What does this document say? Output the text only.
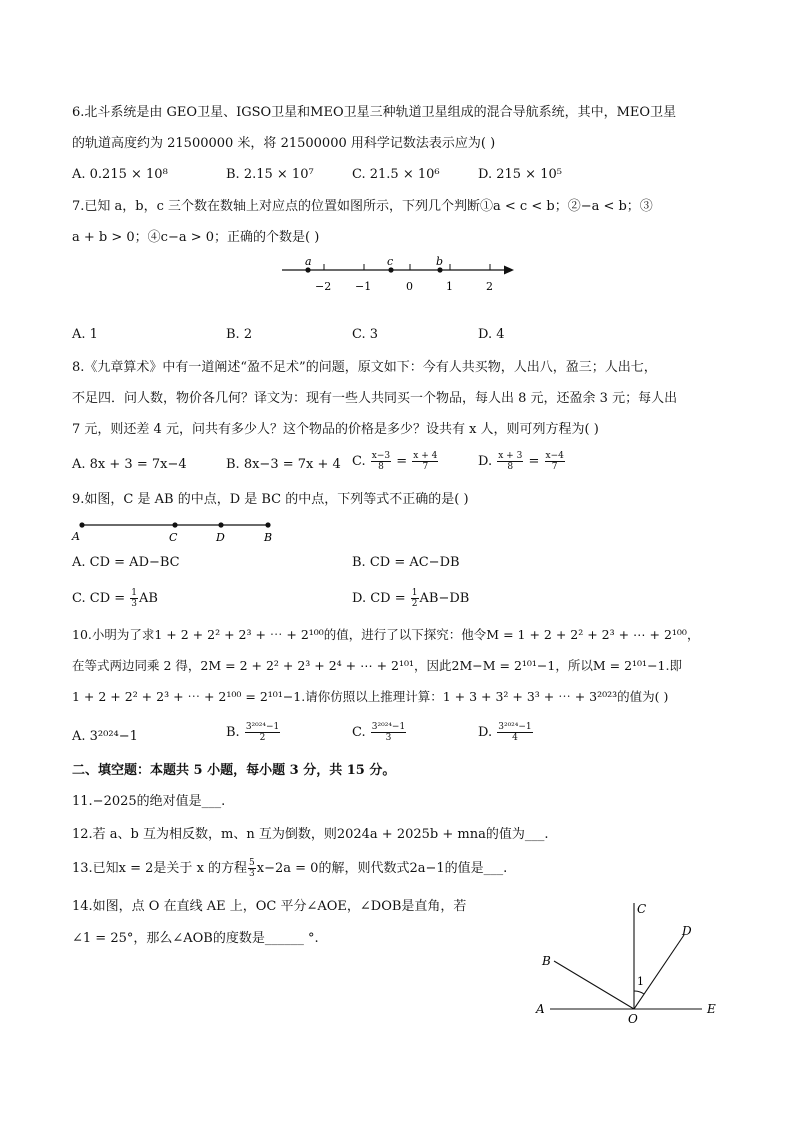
6.北斗系统是由 GEO卫星、IGSO卫星和MEO卫星三种轨道卫星组成的混合导航系统，其中，MEO卫星
的轨道高度约为 21500000 米，将 21500000 用科学记数法表示应为( )
A. 0.215 × 10⁸	B. 2.15 × 10⁷	C. 21.5 × 10⁶	D. 215 × 10⁵
7.已知 a，b，c 三个数在数轴上对应点的位置如图所示，下列几个判断①a < c < b；②−a < b；③
a + b > 0；④c−a > 0；正确的个数是( )
a	c	b
−2 −1	0	1	2
A. 1	B. 2	C. 3	D. 4
8.《九章算术》中有一道阐述“盈不足术”的问题，原文如下：今有人共买物，人出八，盈三；人出七，
不足四．问人数，物价各几何？译文为：现有一些人共同买一个物品，每人出 8 元，还盈余 3 元；每人出
7 元，则还差 4 元，问共有多少人？这个物品的价格是多少？设共有 x 人，则可列方程为( )
A. 8x + 3 = 7x−4	B. 8x−3 = 7x + 4 C. $\frac{x-3}{8} = \frac{x + 4}{7}$	D. $\frac{x + 3}{8} = \frac{x-4}{7}$
9.如图，C 是 AB 的中点，D 是 BC 的中点，下列等式不正确的是( )
A	C	D	B
A. CD = AD−BC	B. CD = AC−DB
C. CD = $\frac{1}{3}$ AB	D. CD = $\frac{1}{2} AB-DB$
10.小明为了求1 + 2 + 2² + 2³ + ⋯ + 2¹⁰⁰的值，进行了以下探究：他令M = 1 + 2 + 2² + 2³ + ⋯ + 2¹⁰⁰，
在等式两边同乘 2 得，2M = 2 + 2² + 2³ + 2⁴ + ⋯ + 2¹⁰¹，因此2M−M = 2¹⁰¹−1，所以M = 2¹⁰¹−1.即
1 + 2 + 2² + 2³ + ⋯ + 2¹⁰⁰ = 2¹⁰¹−1.请你仿照以上推理计算：1 + 3 + 3² + 3³ + ⋯ + 3²⁰²³的值为( )
A. 3²⁰²⁴−1	B. $\frac{\text{3²⁰²⁴−1}}{2}$	C. $\frac{\text{3²⁰²⁴−1}}{3}$	D. $\frac{\text{3²⁰²⁴−1}}{4}$
二、填空题：本题共 5 小题，每小题 3 分，共 15 分。
11.−2025的绝对值是___.
12.若 a、b 互为相反数，m、n 互为倒数，则2024a + 2025b + mna的值为___.
13.已知x = 2是关于 x 的方程 $\frac{5}{3} x-2a = 0$的解，则代数式2a−1的值是___.
14.如图，点 O 在直线 AE 上，OC 平分∠AOE，∠DOB是直角，若
∠1 = 25°，那么∠AOB的度数是______ °.
A
O
E
B
C
D
1
